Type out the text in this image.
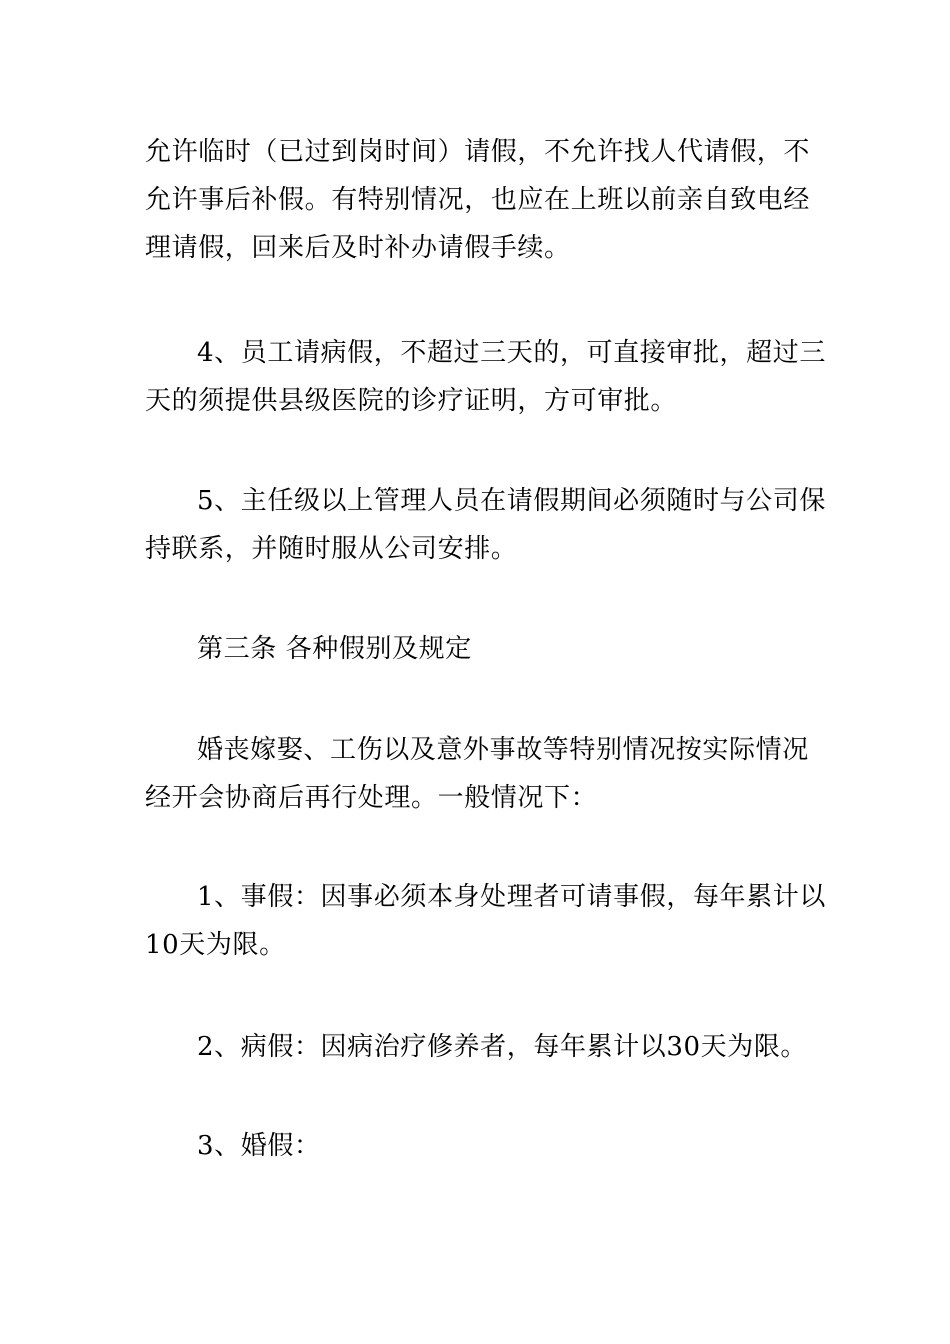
允许临时（已过到岗时间）请假，不允许找人代请假，不
允许事后补假。有特别情况，也应在上班以前亲自致电经
理请假，回来后及时补办请假手续。
4、员工请病假，不超过三天的，可直接审批，超过三
天的须提供县级医院的诊疗证明，方可审批。
5、主任级以上管理人员在请假期间必须随时与公司保
持联系，并随时服从公司安排。
第三条 各种假别及规定
婚丧嫁娶、工伤以及意外事故等特别情况按实际情况
经开会协商后再行处理。一般情况下：
1、事假：因事必须本身处理者可请事假，每年累计以
10天为限。
2、病假：因病治疗修养者，每年累计以30天为限。
3、婚假：
